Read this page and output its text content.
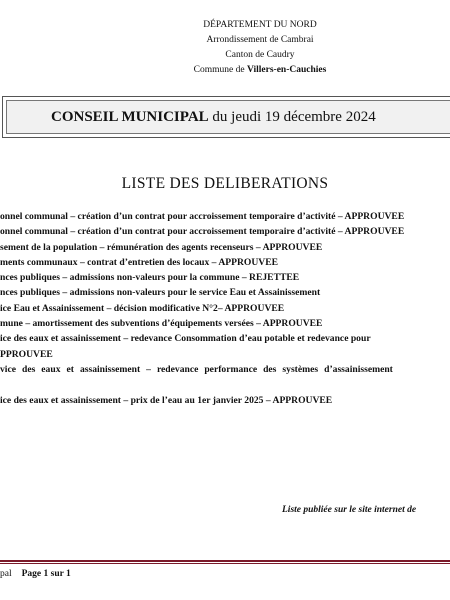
DÉPARTEMENT DU NORD
Arrondissement de Cambrai
Canton de Caudry
Commune de Villers-en-Cauchies
CONSEIL MUNICIPAL du jeudi 19 décembre 2024
LISTE DES DELIBERATIONS
onnel communal – création d’un contrat pour accroissement temporaire d’activité – APPROUVEE
onnel communal – création d’un contrat pour accroissement temporaire d’activité – APPROUVEE
sement de la population – rémunération des agents recenseurs – APPROUVEE
ments communaux – contrat d’entretien des locaux – APPROUVEE
nces publiques – admissions non-valeurs pour la commune – REJETTEE
nces publiques – admissions non-valeurs pour le service Eau et Assainissement
ice Eau et Assainissement – décision modificative N°2– APPROUVEE
mune – amortissement des subventions d’équipements versées – APPROUVEE
ice des eaux et assainissement – redevance Consommation d’eau potable et redevance pour
PPROUVEE
vice des eaux et assainissement – redevance performance des systèmes d’assainissement

ice des eaux et assainissement – prix de l’eau au 1er janvier 2025 – APPROUVEE
Liste publiée sur le site internet de
pal Page 1 sur 1
